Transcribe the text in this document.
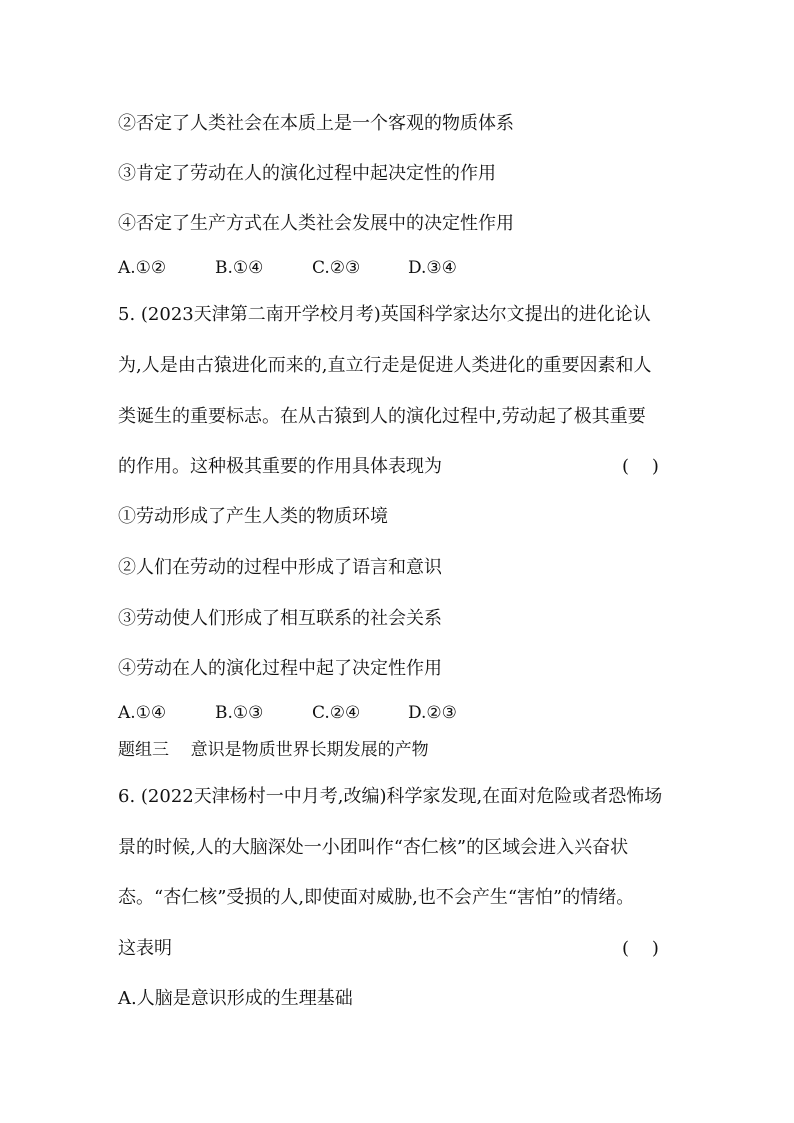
②否定了人类社会在本质上是一个客观的物质体系
③肯定了劳动在人的演化过程中起决定性的作用
④否定了生产方式在人类社会发展中的决定性作用
A.①②	B.①④	C.②③	D.③④
5. (2023天津第二南开学校月考)英国科学家达尔文提出的进化论认
为,人是由古猿进化而来的,直立行走是促进人类进化的重要因素和人
类诞生的重要标志。在从古猿到人的演化过程中,劳动起了极其重要
的作用。这种极其重要的作用具体表现为	(    )
①劳动形成了产生人类的物质环境
②人们在劳动的过程中形成了语言和意识
③劳动使人们形成了相互联系的社会关系
④劳动在人的演化过程中起了决定性作用
A.①④	B.①③	C.②④	D.②③
题组三 意识是物质世界长期发展的产物
6. (2022天津杨村一中月考,改编)科学家发现,在面对危险或者恐怖场
景的时候,人的大脑深处一小团叫作“杏仁核”的区域会进入兴奋状
态。“杏仁核”受损的人,即使面对威胁,也不会产生“害怕”的情绪。
这表明	(    )
A.人脑是意识形成的生理基础
